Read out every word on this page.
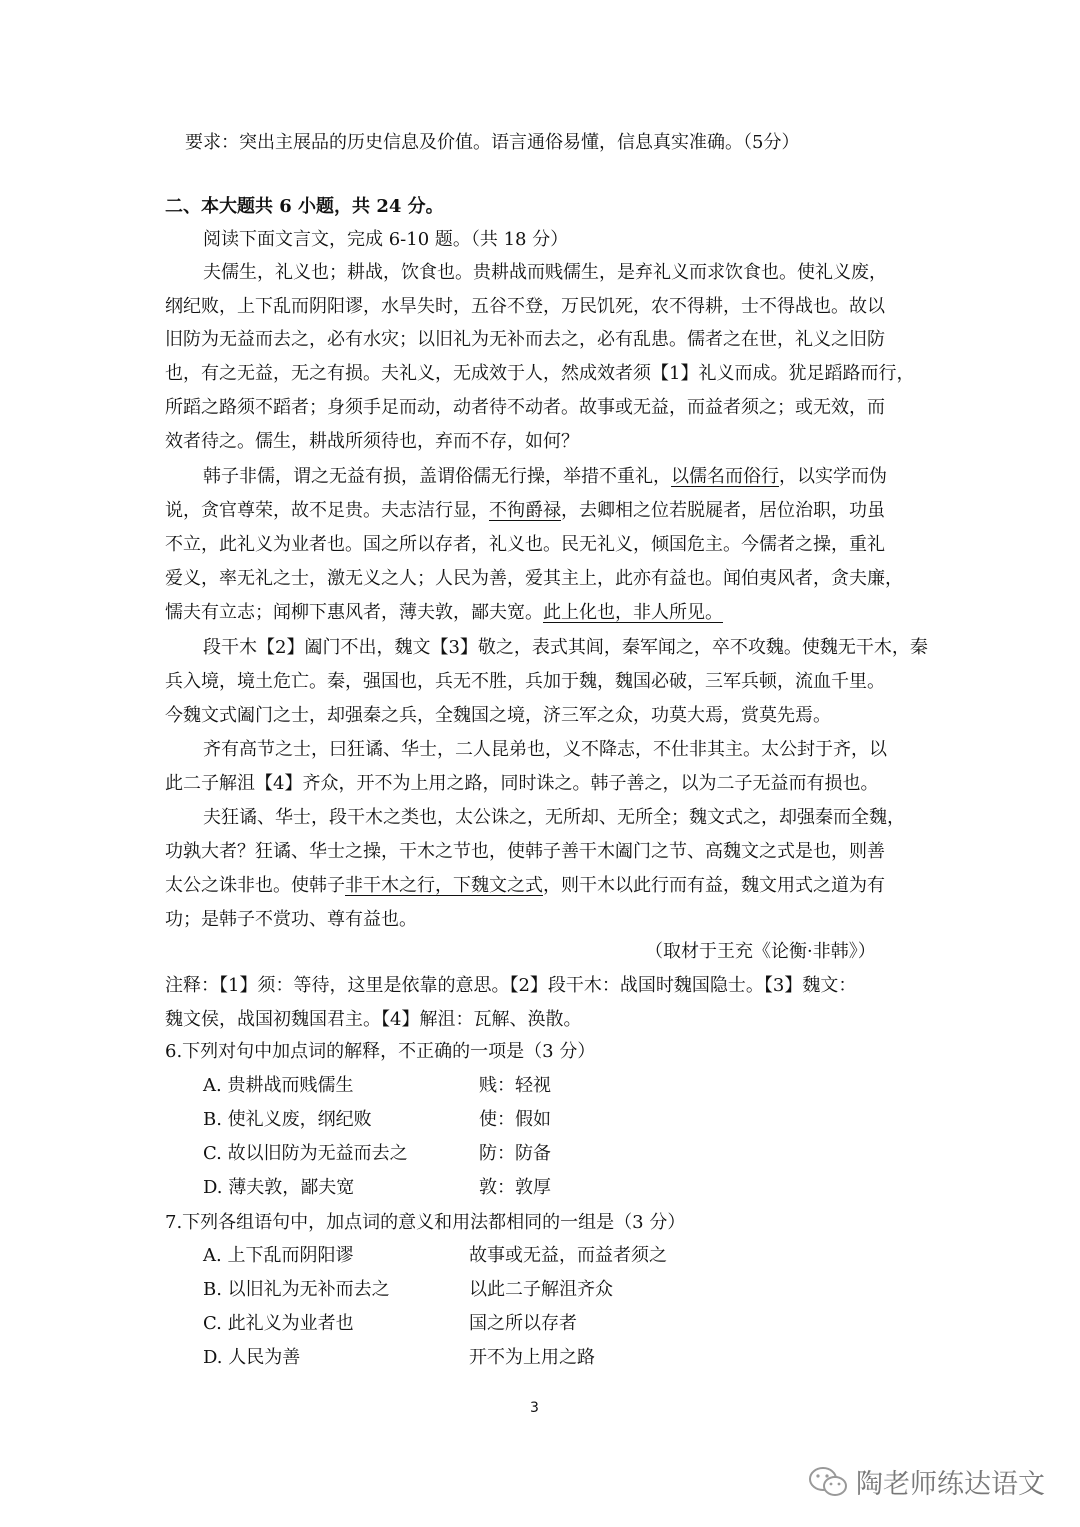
要求：突出主展品的历史信息及价值。语言通俗易懂，信息真实准确。（5分）
二、本大题共 6 小题，共 24 分。
阅读下面文言文，完成 6-10 题。（共 18 分）
夫儒生，礼义也；耕战，饮食也。贵耕战而贱儒生，是弃礼义而求饮食也。使礼义废，
纲纪败，上下乱而阴阳谬，水旱失时，五谷不登，万民饥死，农不得耕，士不得战也。故以
旧防为无益而去之，必有水灾；以旧礼为无补而去之，必有乱患。儒者之在世，礼义之旧防
也，有之无益，无之有损。夫礼义，无成效于人，然成效者须【1】礼义而成。犹足蹈路而行，
所蹈之路须不蹈者；身须手足而动，动者待不动者。故事或无益，而益者须之；或无效，而
效者待之。儒生，耕战所须待也，弃而不存，如何？
韩子非儒，谓之无益有损，盖谓俗儒无行操，举措不重礼，以儒名而俗行，以实学而伪
说，贪官尊荣，故不足贵。夫志洁行显，不徇爵禄，去卿相之位若脱屣者，居位治职，功虽
不立，此礼义为业者也。国之所以存者，礼义也。民无礼义，倾国危主。今儒者之操，重礼
爱义，率无礼之士，激无义之人；人民为善，爱其主上，此亦有益也。闻伯夷风者，贪夫廉，
懦夫有立志；闻柳下惠风者，薄夫敦，鄙夫宽。此上化也，非人所见。
段干木【2】阖门不出，魏文【3】敬之，表式其闾，秦军闻之，卒不攻魏。使魏无干木，秦
兵入境，境土危亡。秦，强国也，兵无不胜，兵加于魏，魏国必破，三军兵顿，流血千里。
今魏文式阖门之士，却强秦之兵，全魏国之境，济三军之众，功莫大焉，赏莫先焉。
齐有高节之士，曰狂谲、华士，二人昆弟也，义不降志，不仕非其主。太公封于齐，以
此二子解沮【4】齐众，开不为上用之路，同时诛之。韩子善之，以为二子无益而有损也。
夫狂谲、华士，段干木之类也，太公诛之，无所却、无所全；魏文式之，却强秦而全魏，
功孰大者？狂谲、华士之操，干木之节也，使韩子善干木阖门之节、高魏文之式是也，则善
太公之诛非也。使韩子非干木之行，下魏文之式，则干木以此行而有益，魏文用式之道为有
功；是韩子不赏功、尊有益也。
（取材于王充《论衡·非韩》）
注释：【1】须：等待，这里是依靠的意思。【2】段干木：战国时魏国隐士。【3】魏文：
魏文侯，战国初魏国君主。【4】解沮：瓦解、涣散。
6.下列对句中加点词的解释，不正确的一项是（3 分）
A. 贵耕战而贱儒生	贱：轻视
B. 使礼义废，纲纪败	使：假如
C. 故以旧防为无益而去之	防：防备
D. 薄夫敦，鄙夫宽	敦：敦厚
7.下列各组语句中，加点词的意义和用法都相同的一组是（3 分）
A. 上下乱而阴阳谬	故事或无益，而益者须之
B. 以旧礼为无补而去之	以此二子解沮齐众
C. 此礼义为业者也	国之所以存者
D. 人民为善	开不为上用之路
3
陶老师练达语文
